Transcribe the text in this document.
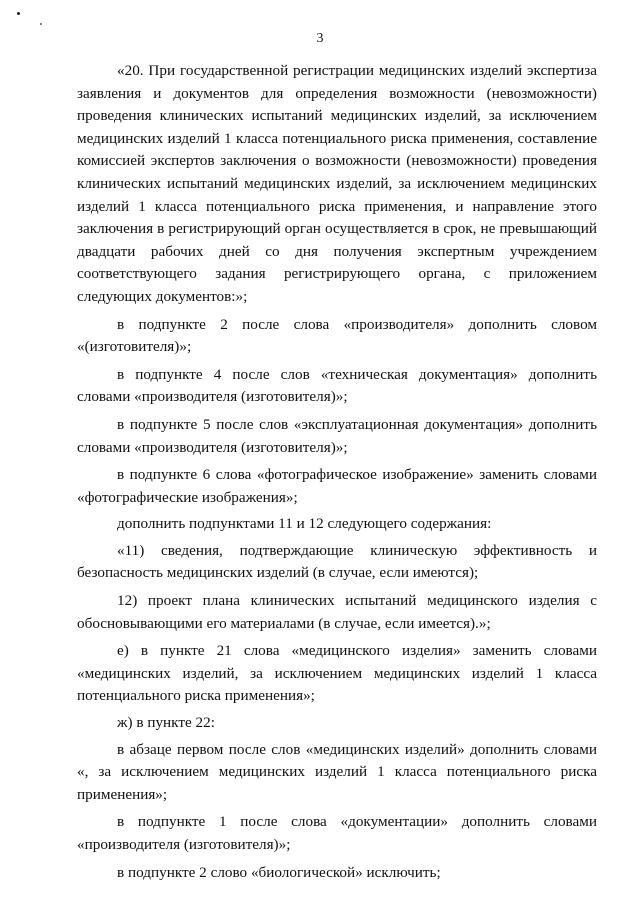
3

«20. При государственной регистрации медицинских изделий экспертиза заявления и документов для определения возможности (невозможности) проведения клинических испытаний медицинских изделий, за исключением медицинских изделий 1 класса потенциального риска применения, составление комиссией экспертов заключения о возможности (невозможности) проведения клинических испытаний медицинских изделий, за исключением медицинских изделий 1 класса потенциального риска применения, и направление этого заключения в регистрирующий орган осуществляется в срок, не превышающий двадцати рабочих дней со дня получения экспертным учреждением соответствующего задания регистрирующего органа, с приложением следующих документов:»;

в подпункте 2 после слова «производителя» дополнить словом «(изготовителя)»;

в подпункте 4 после слов «техническая документация» дополнить словами «производителя (изготовителя)»;

в подпункте 5 после слов «эксплуатационная документация» дополнить словами «производителя (изготовителя)»;

в подпункте 6 слова «фотографическое изображение» заменить словами «фотографические изображения»;

дополнить подпунктами 11 и 12 следующего содержания:

«11) сведения, подтверждающие клиническую эффективность и безопасность медицинских изделий (в случае, если имеются);

12) проект плана клинических испытаний медицинского изделия с обосновывающими его материалами (в случае, если имеется).»;

е) в пункте 21 слова «медицинского изделия» заменить словами «медицинских изделий, за исключением медицинских изделий 1 класса потенциального риска применения»;

ж) в пункте 22:

в абзаце первом после слов «медицинских изделий» дополнить словами «, за исключением медицинских изделий 1 класса потенциального риска применения»;

в подпункте 1 после слова «документации» дополнить словами «производителя (изготовителя)»;

в подпункте 2 слово «биологической» исключить;
